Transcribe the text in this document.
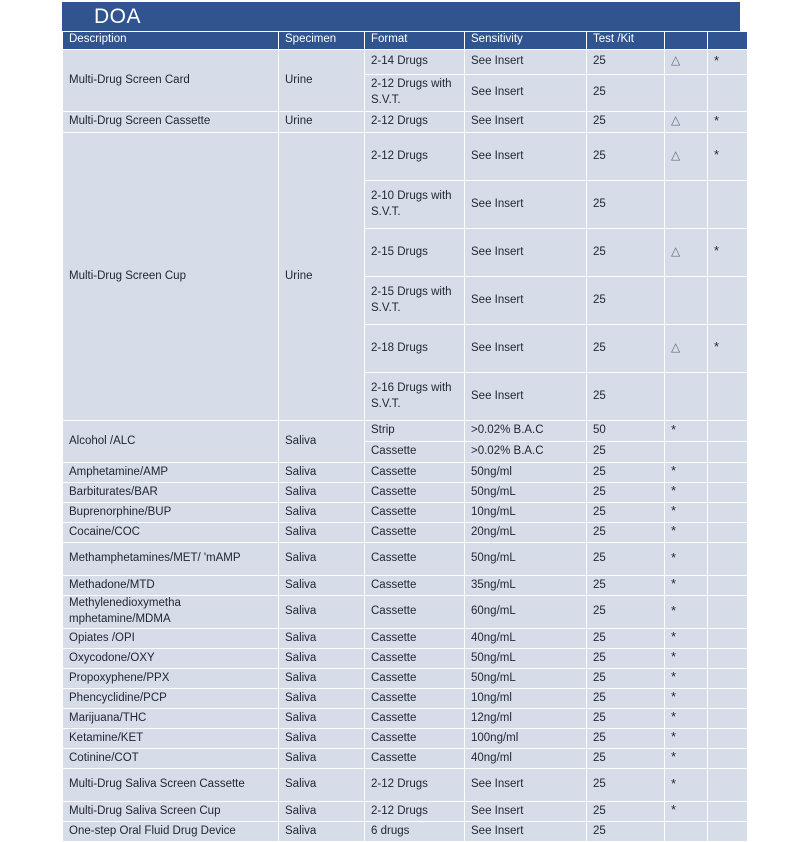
DOA
Description	Specimen	Format	Sensitivity	Test /Kit		
Multi-Drug Screen Card	Urine	2-14 Drugs	See Insert	25	△	*
		2-12 Drugs with S.V.T.	See Insert	25		
Multi-Drug Screen Cassette	Urine	2-12 Drugs	See Insert	25	△	*
Multi-Drug Screen Cup	Urine	2-12 Drugs	See Insert	25	△	*
		2-10 Drugs with S.V.T.	See Insert	25		
		2-15 Drugs	See Insert	25	△	*
		2-15 Drugs with S.V.T.	See Insert	25		
		2-18 Drugs	See Insert	25	△	*
		2-16 Drugs with S.V.T.	See Insert	25		
Alcohol /ALC	Saliva	Strip	>0.02% B.A.C	50	*	
		Cassette	>0.02% B.A.C	25		
Amphetamine/AMP	Saliva	Cassette	50ng/ml	25	*	
Barbiturates/BAR	Saliva	Cassette	50ng/mL	25	*	
Buprenorphine/BUP	Saliva	Cassette	10ng/mL	25	*	
Cocaine/COC	Saliva	Cassette	20ng/mL	25	*	
Methamphetamines/MET/ 'mAMP	Saliva	Cassette	50ng/mL	25	*	
Methadone/MTD	Saliva	Cassette	35ng/mL	25	*	
Methylenedioxymetha mphetamine/MDMA	Saliva	Cassette	60ng/mL	25	*	
Opiates /OPI	Saliva	Cassette	40ng/mL	25	*	
Oxycodone/OXY	Saliva	Cassette	50ng/mL	25	*	
Propoxyphene/PPX	Saliva	Cassette	50ng/mL	25	*	
Phencyclidine/PCP	Saliva	Cassette	10ng/ml	25	*	
Marijuana/THC	Saliva	Cassette	12ng/ml	25	*	
Ketamine/KET	Saliva	Cassette	100ng/ml	25	*	
Cotinine/COT	Saliva	Cassette	40ng/ml	25	*	
Multi-Drug Saliva Screen Cassette	Saliva	2-12 Drugs	See Insert	25	*	
Multi-Drug Saliva Screen Cup	Saliva	2-12 Drugs	See Insert	25	*	
One-step Oral Fluid Drug Device	Saliva	6 drugs	See Insert	25		
